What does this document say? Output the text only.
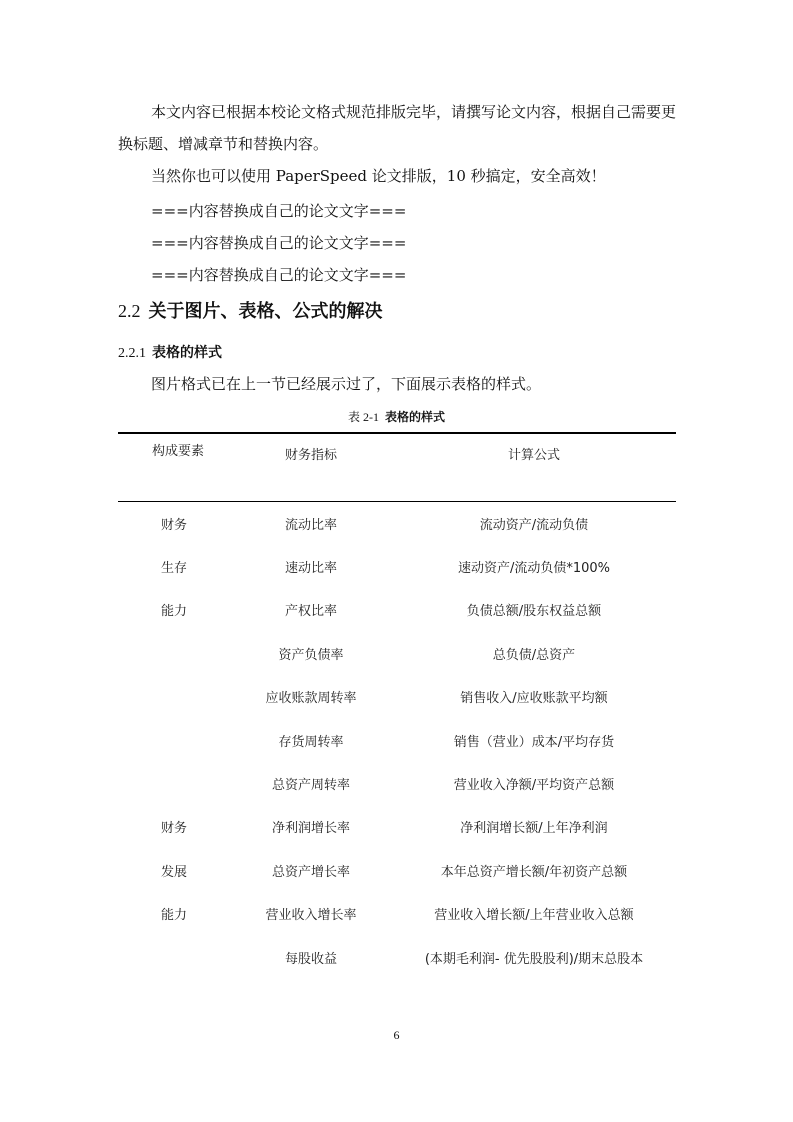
本文内容已根据本校论文格式规范排版完毕，请撰写论文内容，根据自己需要更换标题、增减章节和替换内容。

当然你也可以使用 PaperSpeed 论文排版，10 秒搞定，安全高效！

===内容替换成自己的论文文字===

===内容替换成自己的论文文字===

===内容替换成自己的论文文字===

2.2 关于图片、表格、公式的解决
2.2.1 表格的样式

图片格式已在上一节已经展示过了，下面展示表格的样式。

表 2-1 表格的样式
构成要素	财务指标	计算公式
财务	流动比率	流动资产/流动负债
生存	速动比率	速动资产/流动负债*100%
能力	产权比率	负债总额/股东权益总额
	资产负债率	总负债/总资产
	应收账款周转率	销售收入/应收账款平均额
	存货周转率	销售（营业）成本/平均存货
	总资产周转率	营业收入净额/平均资产总额
财务	净利润增长率	净利润增长额/上年净利润
发展	总资产增长率	本年总资产增长额/年初资产总额
能力	营业收入增长率	营业收入增长额/上年营业收入总额
	每股收益	(本期毛利润- 优先股股利)/期末总股本
6
